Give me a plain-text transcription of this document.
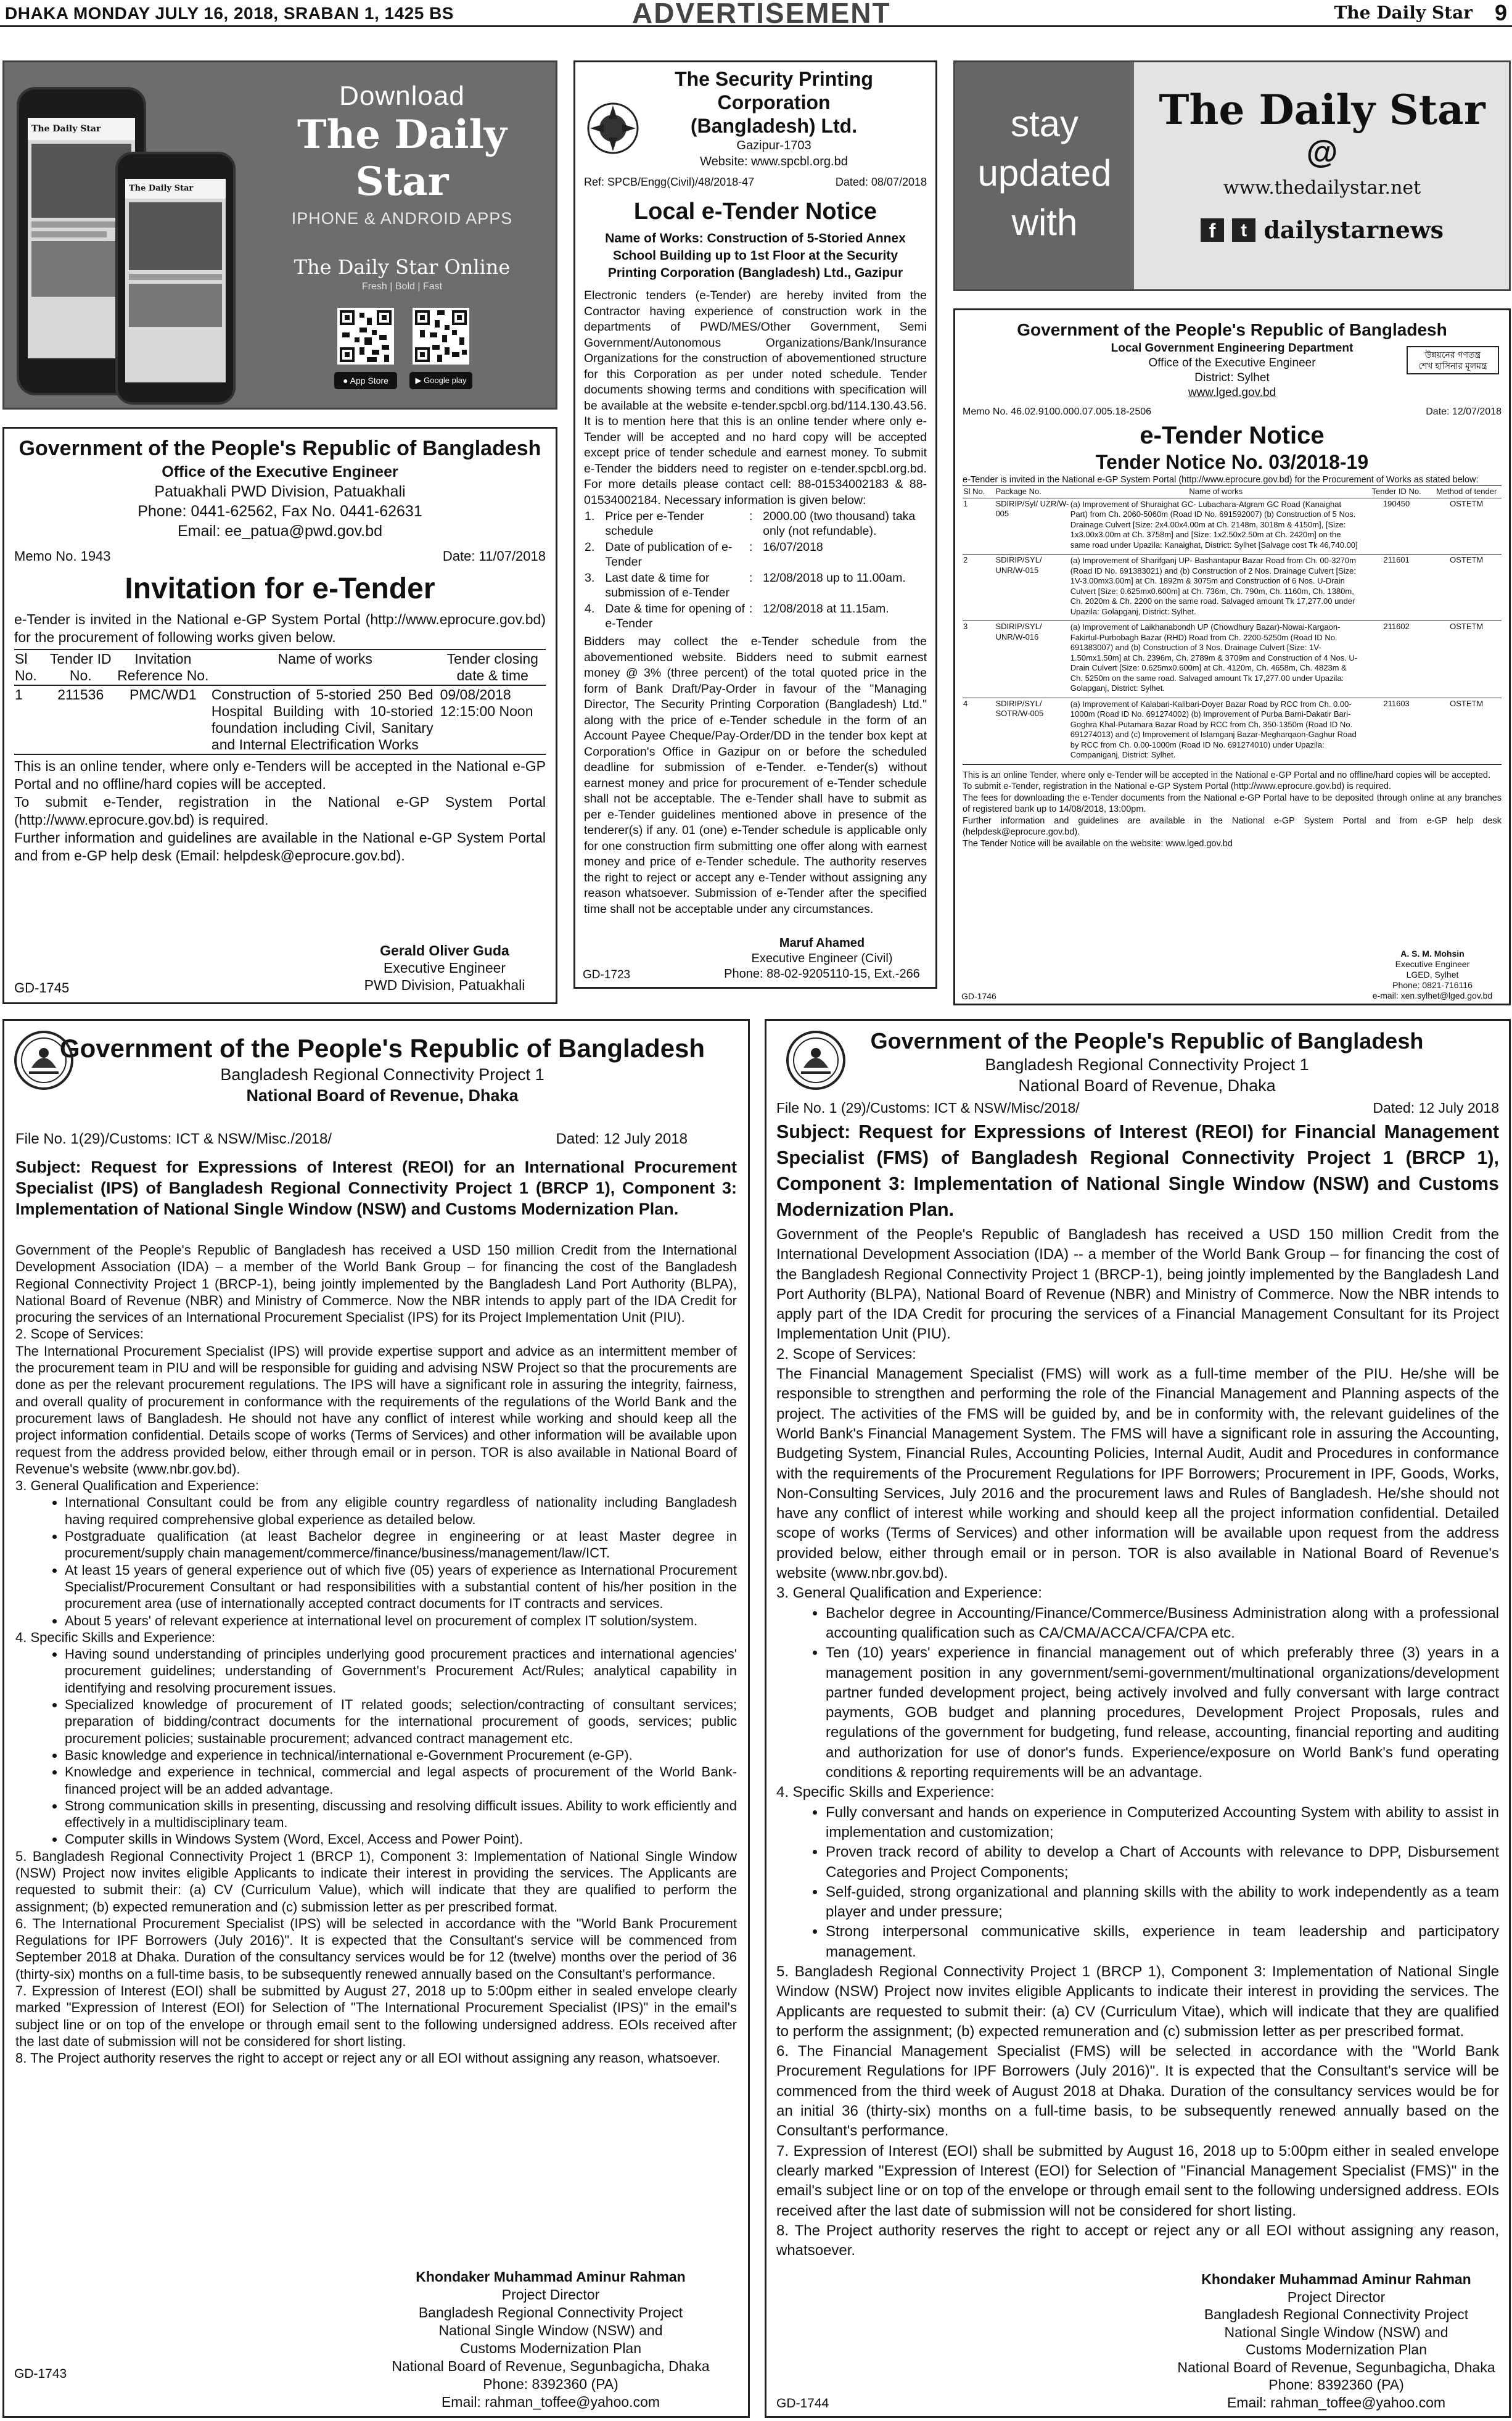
DHAKA MONDAY JULY 16, 2018, SRABAN 1, 1425 BS	ADVERTISEMENT	The Daily Star 9
The Daily Star
The Daily Star
Download
The Daily Star
IPHONE & ANDROID APPS
The Daily Star Online
Fresh | Bold | Fast
● App Store	▶ Google play
Government of the People's Republic of Bangladesh
Office of the Executive Engineer
Patuakhali PWD Division, Patuakhali
Phone: 0441-62562, Fax No. 0441-62631
Email: ee_patua@pwd.gov.bd
Memo No. 1943	Date: 11/07/2018
Invitation for e-Tender

e-Tender is invited in the National e-GP System Portal (http://www.eprocure.gov.bd) for the procurement of following works given below.

Sl No.	Tender ID No.	Invitation Reference No.	Name of works	Tender closing date & time
1	211536	PMC/WD1	Construction of 5-storied 250 Bed Hospital Building with 10-storied foundation including Civil, Sanitary and Internal Electrification Works	09/08/2018 12:15:00 Noon

This is an online tender, where only e-Tenders will be accepted in the National e-GP Portal and no offline/hard copies will be accepted.

To submit e-Tender, registration in the National e-GP System Portal (http://www.eprocure.gov.bd) is required.

Further information and guidelines are available in the National e-GP System Portal and from e-GP help desk (Email: helpdesk@eprocure.gov.bd).

Gerald Oliver Guda
Executive Engineer
PWD Division, Patuakhali
GD-1745
The Security Printing Corporation
(Bangladesh) Ltd.
Gazipur-1703
Website: www.spcbl.org.bd
Ref: SPCB/Engg(Civil)/48/2018-47	Dated: 08/07/2018
Local e-Tender Notice
Name of Works: Construction of 5-Storied Annex School Building up to 1st Floor at the Security Printing Corporation (Bangladesh) Ltd., Gazipur

Electronic tenders (e-Tender) are hereby invited from the Contractor having experience of construction work in the departments of PWD/MES/Other Government, Semi Government/Autonomous Organizations/Bank/Insurance Organizations for the construction of abovementioned structure for this Corporation as per under noted schedule. Tender documents showing terms and conditions with specification will be available at the website e-tender.spcbl.org.bd/114.130.43.56. It is to mention here that this is an online tender where only e-Tender will be accepted and no hard copy will be accepted except price of tender schedule and earnest money. To submit e-Tender the bidders need to register on e-tender.spcbl.org.bd. For more details please contact cell: 88-01534002183 & 88-01534002184. Necessary information is given below:

1.	Price per e-Tender schedule	:	2000.00 (two thousand) taka only (not refundable).
2.	Date of publication of e-Tender	:	16/07/2018
3.	Last date & time for submission of e-Tender	:	12/08/2018 up to 11.00am.
4.	Date & time for opening of e-Tender	:	12/08/2018 at 11.15am.

Bidders may collect the e-Tender schedule from the abovementioned website. Bidders need to submit earnest money @ 3% (three percent) of the total quoted price in the form of Bank Draft/Pay-Order in favour of the "Managing Director, The Security Printing Corporation (Bangladesh) Ltd." along with the price of e-Tender schedule in the form of an Account Payee Cheque/Pay-Order/DD in the tender box kept at Corporation's Office in Gazipur on or before the scheduled deadline for submission of e-Tender. e-Tender(s) without earnest money and price for procurement of e-Tender schedule shall not be acceptable. The e-Tender shall have to submit as per e-Tender guidelines mentioned above in presence of the tenderer(s) if any. 01 (one) e-Tender schedule is applicable only for one construction firm submitting one offer along with earnest money and price of e-Tender schedule. The authority reserves the right to reject or accept any e-Tender without assigning any reason whatsoever. Submission of e-Tender after the specified time shall not be acceptable under any circumstances.

Maruf Ahamed
Executive Engineer (Civil)
Phone: 88-02-9205110-15, Ext.-266
GD-1723
stay
updated
with
The Daily Star
@
www.thedailystar.net
f t dailystarnews
Government of the People's Republic of Bangladesh
Local Government Engineering Department
Office of the Executive Engineer
District: Sylhet
www.lged.gov.bd
উন্নয়নের গণতন্ত্র
শেখ হাসিনার মূলমন্ত্র
Memo No. 46.02.9100.000.07.005.18-2506	Date: 12/07/2018
e-Tender Notice
Tender Notice No. 03/2018-19

e-Tender is invited in the National e-GP System Portal (http://www.eprocure.gov.bd) for the Procurement of Works as stated below:

Sl No.	Package No.	Name of works	Tender ID No.	Method of tender
1	SDIRIP/Syl/ UZR/W-005	(a) Improvement of Shuraighat GC- Lubachara-Atgram GC Road (Kanaighat Part) from Ch. 2060-5060m (Road ID No. 691592007) (b) Construction of 5 Nos. Drainage Culvert [Size: 2x4.00x4.00m at Ch. 2148m, 3018m & 4150m], [Size: 1x3.00x3.00m at Ch. 3758m] and [Size: 1x2.50x2.50m at Ch. 2420m] on the same road under Upazila: Kanaighat, District: Sylhet [Salvage cost Tk 46,740.00]	190450	OSTETM
2	SDIRIP/SYL/ UNR/W-015	(a) Improvement of Sharifganj UP- Bashantapur Bazar Road from Ch. 00-3270m (Road ID No. 691383021) and (b) Construction of 2 Nos. Drainage Culvert [Size: 1V-3.00mx3.00m] at Ch. 1892m & 3075m and Construction of 6 Nos. U-Drain Culvert [Size: 0.625mx0.600m] at Ch. 736m, Ch. 790m, Ch. 1160m, Ch. 1380m, Ch. 2020m & Ch. 2200 on the same road. Salvaged amount Tk 17,277.00 under Upazila: Golapganj, District: Sylhet.	211601	OSTETM
3	SDIRIP/SYL/ UNR/W-016	(a) Improvement of Laikhanabondh UP (Chowdhury Bazar)-Nowai-Kargaon-Fakirtul-Purbobagh Bazar (RHD) Road from Ch. 2200-5250m (Road ID No. 691383007) and (b) Construction of 3 Nos. Drainage Culvert [Size: 1V-1.50mx1.50m] at Ch. 2396m, Ch. 2789m & 3709m and Construction of 4 Nos. U-Drain Culvert [Size: 0.625mx0.600m] at Ch. 4120m, Ch. 4658m, Ch. 4823m & Ch. 5250m on the same road. Salvaged amount Tk 17,277.00 under Upazila: Golapganj, District: Sylhet.	211602	OSTETM
4	SDIRIP/SYL/ SOTR/W-005	(a) Improvement of Kalabari-Kalibari-Doyer Bazar Road by RCC from Ch. 0.00-1000m (Road ID No. 691274002) (b) Improvement of Purba Barni-Dakatir Bari-Goghra Khal-Putamara Bazar Road by RCC from Ch. 350-1350m (Road ID No. 691274013) and (c) Improvement of Islamganj Bazar-Megharqaon-Gaghur Road by RCC from Ch. 0.00-1000m (Road ID No. 691274010) under Upazila: Companiganj, District: Sylhet.	211603	OSTETM

This is an online Tender, where only e-Tender will be accepted in the National e-GP Portal and no offline/hard copies will be accepted.

To submit e-Tender, registration in the National e-GP System Portal (http://www.eprocure.gov.bd) is required.

The fees for downloading the e-Tender documents from the National e-GP Portal have to be deposited through online at any branches of registered bank up to 14/08/2018, 13:00pm.

Further information and guidelines are available in the National e-GP System Portal and from e-GP help desk (helpdesk@eprocure.gov.bd).

The Tender Notice will be available on the website: www.lged.gov.bd

A. S. M. Mohsin
Executive Engineer
LGED, Sylhet
Phone: 0821-716116
e-mail: xen.sylhet@lged.gov.bd
GD-1746
Government of the People's Republic of Bangladesh
Bangladesh Regional Connectivity Project 1
National Board of Revenue, Dhaka
File No. 1(29)/Customs: ICT & NSW/Misc./2018/	Dated: 12 July 2018

Subject: Request for Expressions of Interest (REOI) for an International Procurement Specialist (IPS) of Bangladesh Regional Connectivity Project 1 (BRCP 1), Component 3: Implementation of National Single Window (NSW) and Customs Modernization Plan.

Government of the People's Republic of Bangladesh has received a USD 150 million Credit from the International Development Association (IDA) – a member of the World Bank Group – for financing the cost of the Bangladesh Regional Connectivity Project 1 (BRCP-1), being jointly implemented by the Bangladesh Land Port Authority (BLPA), National Board of Revenue (NBR) and Ministry of Commerce. Now the NBR intends to apply part of the IDA Credit for procuring the services of an International Procurement Specialist (IPS) for its Project Implementation Unit (PIU).

2. Scope of Services:

The International Procurement Specialist (IPS) will provide expertise support and advice as an intermittent member of the procurement team in PIU and will be responsible for guiding and advising NSW Project so that the procurements are done as per the relevant procurement regulations. The IPS will have a significant role in assuring the integrity, fairness, and overall quality of procurement in conformance with the requirements of the regulations of the World Bank and the procurement laws of Bangladesh. He should not have any conflict of interest while working and should keep all the project information confidential. Details scope of works (Terms of Services) and other information will be available upon request from the address provided below, either through email or in person. TOR is also available in National Board of Revenue's website (www.nbr.gov.bd).

3. General Qualification and Experience:

• International Consultant could be from any eligible country regardless of nationality including Bangladesh having required comprehensive global experience as detailed below.
• Postgraduate qualification (at least Bachelor degree in engineering or at least Master degree in procurement/supply chain management/commerce/finance/business/management/law/ICT.
• At least 15 years of general experience out of which five (05) years of experience as International Procurement Specialist/Procurement Consultant or had responsibilities with a substantial content of his/her position in the procurement area (use of internationally accepted contract documents for IT contracts and services.
• About 5 years' of relevant experience at international level on procurement of complex IT solution/system.

4. Specific Skills and Experience:

• Having sound understanding of principles underlying good procurement practices and international agencies' procurement guidelines; understanding of Government's Procurement Act/Rules; analytical capability in identifying and resolving procurement issues.
• Specialized knowledge of procurement of IT related goods; selection/contracting of consultant services; preparation of bidding/contract documents for the international procurement of goods, services; public procurement policies; sustainable procurement; advanced contract management etc.
• Basic knowledge and experience in technical/international e-Government Procurement (e-GP).
• Knowledge and experience in technical, commercial and legal aspects of procurement of the World Bank-financed project will be an added advantage.
• Strong communication skills in presenting, discussing and resolving difficult issues. Ability to work efficiently and effectively in a multidisciplinary team.
• Computer skills in Windows System (Word, Excel, Access and Power Point).

5. Bangladesh Regional Connectivity Project 1 (BRCP 1), Component 3: Implementation of National Single Window (NSW) Project now invites eligible Applicants to indicate their interest in providing the services. The Applicants are requested to submit their: (a) CV (Curriculum Value), which will indicate that they are qualified to perform the assignment; (b) expected remuneration and (c) submission letter as per prescribed format.

6. The International Procurement Specialist (IPS) will be selected in accordance with the "World Bank Procurement Regulations for IPF Borrowers (July 2016)". It is expected that the Consultant's service will be commenced from September 2018 at Dhaka. Duration of the consultancy services would be for 12 (twelve) months over the period of 36 (thirty-six) months on a full-time basis, to be subsequently renewed annually based on the Consultant's performance.

7. Expression of Interest (EOI) shall be submitted by August 27, 2018 up to 5:00pm either in sealed envelope clearly marked "Expression of Interest (EOI) for Selection of "The International Procurement Specialist (IPS)" in the email's subject line or on top of the envelope or through email sent to the following undersigned address. EOIs received after the last date of submission will not be considered for short listing.

8. The Project authority reserves the right to accept or reject any or all EOI without assigning any reason, whatsoever.

Khondaker Muhammad Aminur Rahman
Project Director
Bangladesh Regional Connectivity Project
National Single Window (NSW) and
Customs Modernization Plan
National Board of Revenue, Segunbagicha, Dhaka
Phone: 8392360 (PA)
Email: rahman_toffee@yahoo.com
GD-1743
Government of the People's Republic of Bangladesh
Bangladesh Regional Connectivity Project 1
National Board of Revenue, Dhaka
File No. 1 (29)/Customs: ICT & NSW/Misc/2018/	Dated: 12 July 2018

Subject: Request for Expressions of Interest (REOI) for Financial Management Specialist (FMS) of Bangladesh Regional Connectivity Project 1 (BRCP 1), Component 3: Implementation of National Single Window (NSW) and Customs Modernization Plan.

Government of the People's Republic of Bangladesh has received a USD 150 million Credit from the International Development Association (IDA) -- a member of the World Bank Group – for financing the cost of the Bangladesh Regional Connectivity Project 1 (BRCP-1), being jointly implemented by the Bangladesh Land Port Authority (BLPA), National Board of Revenue (NBR) and Ministry of Commerce. Now the NBR intends to apply part of the IDA Credit for procuring the services of a Financial Management Consultant for its Project Implementation Unit (PIU).

2. Scope of Services:

The Financial Management Specialist (FMS) will work as a full-time member of the PIU. He/she will be responsible to strengthen and performing the role of the Financial Management and Planning aspects of the project. The activities of the FMS will be guided by, and be in conformity with, the relevant guidelines of the World Bank's Financial Management System. The FMS will have a significant role in assuring the Accounting, Budgeting System, Financial Rules, Accounting Policies, Internal Audit, Audit and Procedures in conformance with the requirements of the Procurement Regulations for IPF Borrowers; Procurement in IPF, Goods, Works, Non-Consulting Services, July 2016 and the procurement laws and Rules of Bangladesh. He/she should not have any conflict of interest while working and should keep all the project information confidential. Detailed scope of works (Terms of Services) and other information will be available upon request from the address provided below, either through email or in person. TOR is also available in National Board of Revenue's website (www.nbr.gov.bd).

3. General Qualification and Experience:

• Bachelor degree in Accounting/Finance/Commerce/Business Administration along with a professional accounting qualification such as CA/CMA/ACCA/CFA/CPA etc.
• Ten (10) years' experience in financial management out of which preferably three (3) years in a management position in any government/semi-government/multinational organizations/development partner funded development project, being actively involved and fully conversant with large contract payments, GOB budget and planning procedures, Development Project Proposals, rules and regulations of the government for budgeting, fund release, accounting, financial reporting and auditing and authorization for use of donor's funds. Experience/exposure on World Bank's fund operating conditions & reporting requirements will be an advantage.

4. Specific Skills and Experience:

• Fully conversant and hands on experience in Computerized Accounting System with ability to assist in implementation and customization;
• Proven track record of ability to develop a Chart of Accounts with relevance to DPP, Disbursement Categories and Project Components;
• Self-guided, strong organizational and planning skills with the ability to work independently as a team player and under pressure;
• Strong interpersonal communicative skills, experience in team leadership and participatory management.

5. Bangladesh Regional Connectivity Project 1 (BRCP 1), Component 3: Implementation of National Single Window (NSW) Project now invites eligible Applicants to indicate their interest in providing the services. The Applicants are requested to submit their: (a) CV (Curriculum Vitae), which will indicate that they are qualified to perform the assignment; (b) expected remuneration and (c) submission letter as per prescribed format.

6. The Financial Management Specialist (FMS) will be selected in accordance with the "World Bank Procurement Regulations for IPF Borrowers (July 2016)". It is expected that the Consultant's service will be commenced from the third week of August 2018 at Dhaka. Duration of the consultancy services would be for an initial 36 (thirty-six) months on a full-time basis, to be subsequently renewed annually based on the Consultant's performance.

7. Expression of Interest (EOI) shall be submitted by August 16, 2018 up to 5:00pm either in sealed envelope clearly marked "Expression of Interest (EOI) for Selection of "Financial Management Specialist (FMS)" in the email's subject line or on top of the envelope or through email sent to the following undersigned address. EOIs received after the last date of submission will not be considered for short listing.

8. The Project authority reserves the right to accept or reject any or all EOI without assigning any reason, whatsoever.

Khondaker Muhammad Aminur Rahman
Project Director
Bangladesh Regional Connectivity Project
National Single Window (NSW) and
Customs Modernization Plan
National Board of Revenue, Segunbagicha, Dhaka
Phone: 8392360 (PA)
Email: rahman_toffee@yahoo.com
GD-1744
